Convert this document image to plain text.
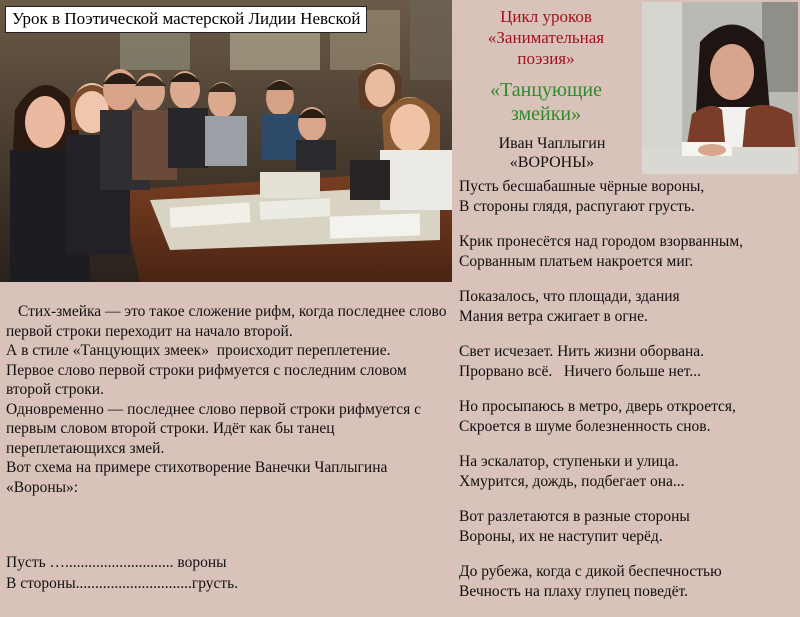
Урок в Поэтической мастерской Лидии Невской	Цикл уроков
«Занимательная
поэзия»
«Танцующие
змейки»
Иван Чаплыгин
«ВОРОНЫ»
Пусть бесшабашные чёрные вороны,
В стороны глядя, распугают грусть.
Крик пронесётся над городом взорванным,
Сорванным платьем накроется миг.
Показалось, что площади, здания
Мания ветра сжигает в огне.
Свет исчезает. Нить жизни оборвана.
Прорвано всё.   Ничего больше нет...
Но просыпаюсь в метро, дверь откроется,
Скроется в шуме болезненность снов.
На эскалатор, ступеньки и улица.
Хмурится, дождь, подбегает она...
Вот разлетаются в разные стороны
Вороны, их не наступит черёд.
До рубежа, когда с дикой беспечностью
Вечность на плаху глупец поведёт.

Стих-змейка — это такое сложение рифм, когда последнее слово первой строки переходит на начало второй.

А в стиле «Танцующих змеек»  происходит переплетение.

Первое слово первой строки рифмуется с последним словом второй строки.

Одновременно — последнее слово первой строки рифмуется с первым словом второй строки. Идёт как бы танец переплетающихся змей.

Вот схема на примере стихотворение Ванечки Чаплыгина «Вороны»:

Пусть …............................ вороны
В стороны..............................грусть.
